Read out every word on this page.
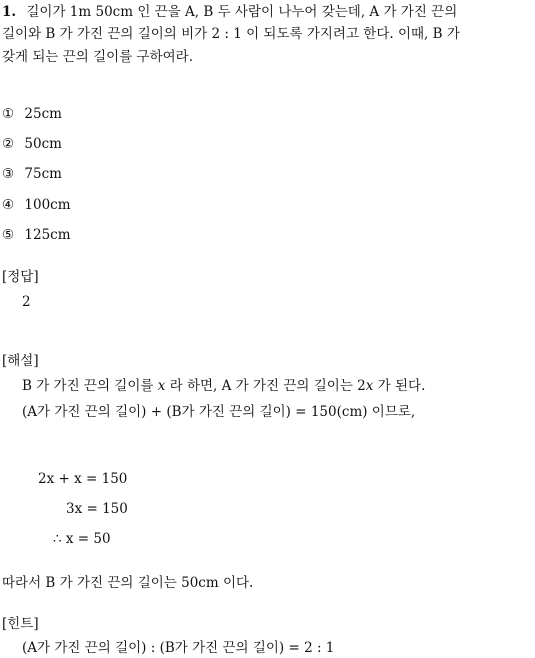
1. 길이가 1m 50cm 인 끈을 A, B 두 사람이 나누어 갖는데, A 가 가진 끈의
길이와 B 가 가진 끈의 길이의 비가 2 : 1 이 되도록 가지려고 한다. 이때, B 가
갖게 되는 끈의 길이를 구하여라.
① 25cm
② 50cm
③ 75cm
④ 100cm
⑤ 125cm
[정답]
2
[해설]
B 가 가진 끈의 길이를 x 라 하면, A 가 가진 끈의 길이는 2x 가 된다.
(A가 가진 끈의 길이) + (B가 가진 끈의 길이) = 150(cm) 이므로,
2x + x = 150
3x = 150
∴ x = 50
따라서 B 가 가진 끈의 길이는 50cm 이다.
[힌트]
(A가 가진 끈의 길이) : (B가 가진 끈의 길이) = 2 : 1
